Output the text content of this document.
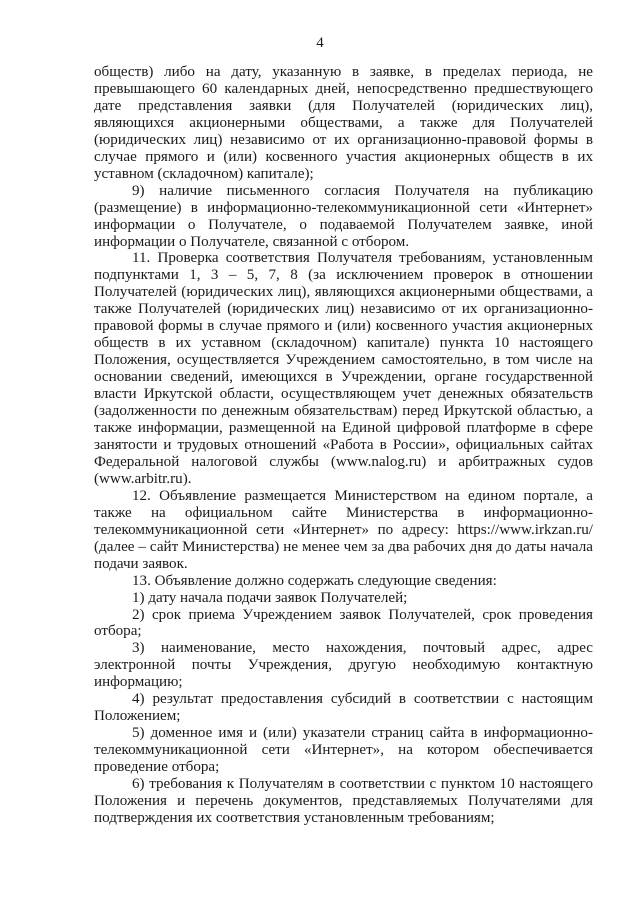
4

обществ) либо на дату, указанную в заявке, в пределах периода, не превышающего 60 календарных дней, непосредственно предшествующего дате представления заявки (для Получателей (юридических лиц), являющихся акционерными обществами, а также для Получателей (юридических лиц) независимо от их организационно-правовой формы в случае прямого и (или) косвенного участия акционерных обществ в их уставном (складочном) капитале);

9) наличие письменного согласия Получателя на публикацию (размещение) в информационно-телекоммуникационной сети «Интернет» информации о Получателе, о подаваемой Получателем заявке, иной информации о Получателе, связанной с отбором.

11. Проверка соответствия Получателя требованиям, установленным подпунктами 1, 3 – 5, 7, 8 (за исключением проверок в отношении Получателей (юридических лиц), являющихся акционерными обществами, а также Получателей (юридических лиц) независимо от их организационно-правовой формы в случае прямого и (или) косвенного участия акционерных обществ в их уставном (складочном) капитале) пункта 10 настоящего Положения, осуществляется Учреждением самостоятельно, в том числе на основании сведений, имеющихся в Учреждении, органе государственной власти Иркутской области, осуществляющем учет денежных обязательств (задолженности по денежным обязательствам) перед Иркутской областью, а также информации, размещенной на Единой цифровой платформе в сфере занятости и трудовых отношений «Работа в России», официальных сайтах Федеральной налоговой службы (www.nalog.ru) и арбитражных судов (www.arbitr.ru).

12. Объявление размещается Министерством на едином портале, а также на официальном сайте Министерства в информационно-телекоммуникационной сети «Интернет» по адресу: https://www.irkzan.ru/ (далее – сайт Министерства) не менее чем за два рабочих дня до даты начала подачи заявок.

13. Объявление должно содержать следующие сведения:

1) дату начала подачи заявок Получателей;

2) срок приема Учреждением заявок Получателей, срок проведения отбора;

3) наименование, место нахождения, почтовый адрес, адрес электронной почты Учреждения, другую необходимую контактную информацию;

4) результат предоставления субсидий в соответствии с настоящим Положением;

5) доменное имя и (или) указатели страниц сайта в информационно-телекоммуникационной сети «Интернет», на котором обеспечивается проведение отбора;

6) требования к Получателям в соответствии с пунктом 10 настоящего Положения и перечень документов, представляемых Получателями для подтверждения их соответствия установленным требованиям;
